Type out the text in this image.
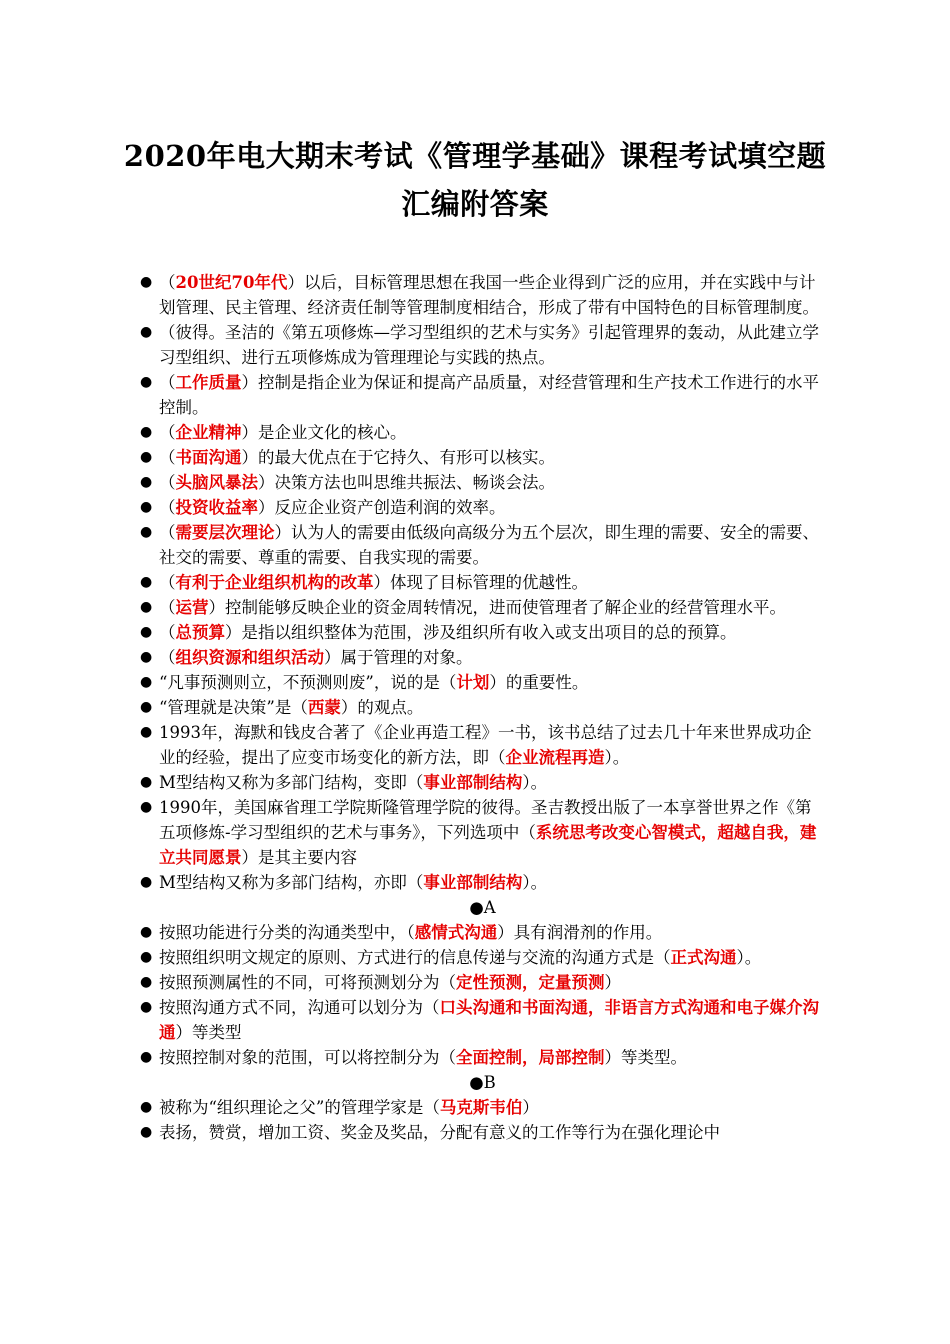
2020年电大期末考试《管理学基础》课程考试填空题
汇编附答案
● （20世纪70年代）以后，目标管理思想在我国一些企业得到广泛的应用，并在实践中与计划管理、民主管理、经济责任制等管理制度相结合，形成了带有中国特色的目标管理制度。
● （彼得。圣洁的《第五项修炼—学习型组织的艺术与实务》引起管理界的轰动，从此建立学习型组织、进行五项修炼成为管理理论与实践的热点。
● （工作质量）控制是指企业为保证和提高产品质量，对经营管理和生产技术工作进行的水平控制。
● （企业精神）是企业文化的核心。
● （书面沟通）的最大优点在于它持久、有形可以核实。
● （头脑风暴法）决策方法也叫思维共振法、畅谈会法。
● （投资收益率）反应企业资产创造利润的效率。
● （需要层次理论）认为人的需要由低级向高级分为五个层次，即生理的需要、安全的需要、社交的需要、尊重的需要、自我实现的需要。
● （有利于企业组织机构的改革）体现了目标管理的优越性。
● （运营）控制能够反映企业的资金周转情况，进而使管理者了解企业的经营管理水平。
● （总预算）是指以组织整体为范围，涉及组织所有收入或支出项目的总的预算。
● （组织资源和组织活动）属于管理的对象。
● “凡事预测则立，不预测则废”，说的是（计划）的重要性。
● “管理就是决策”是（西蒙）的观点。
● 1993年，海默和钱皮合著了《企业再造工程》一书，该书总结了过去几十年来世界成功企业的经验，提出了应变市场变化的新方法，即（企业流程再造）。
● M型结构又称为多部门结构，变即（事业部制结构）。
● 1990年，美国麻省理工学院斯隆管理学院的彼得。圣吉教授出版了一本享誉世界之作《第五项修炼-学习型组织的艺术与事务》，下列选项中（系统思考改变心智模式，超越自我，建立共同愿景）是其主要内容
● M型结构又称为多部门结构，亦即（事业部制结构）。
●A
● 按照功能进行分类的沟通类型中，（感情式沟通）具有润滑剂的作用。
● 按照组织明文规定的原则、方式进行的信息传递与交流的沟通方式是（正式沟通）。
● 按照预测属性的不同，可将预测划分为（定性预测，定量预测）
● 按照沟通方式不同，沟通可以划分为（口头沟通和书面沟通，非语言方式沟通和电子媒介沟通）等类型
● 按照控制对象的范围，可以将控制分为（全面控制，局部控制）等类型。
●B
● 被称为“组织理论之父”的管理学家是（马克斯韦伯）
● 表扬，赞赏，增加工资、奖金及奖品，分配有意义的工作等行为在强化理论中
